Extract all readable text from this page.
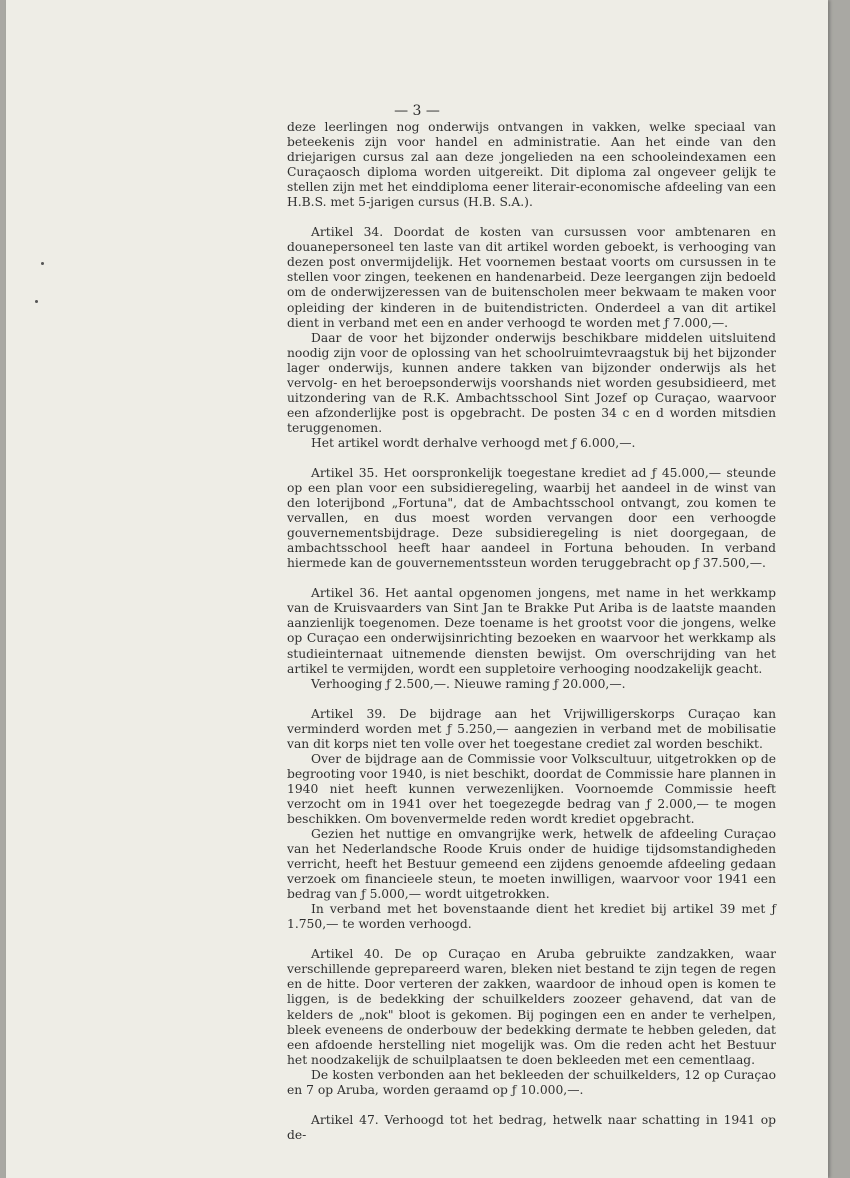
— 3 —

deze leerlingen nog onderwijs ontvangen in vakken, welke speciaal van beteekenis zijn voor handel en administratie. Aan het einde van den driejarigen cursus zal aan deze jongelieden na een schooleindexamen een Curaçaosch diploma worden uitgereikt. Dit diploma zal ongeveer gelijk te stellen zijn met het einddiploma eener literair-economische afdeeling van een H.B.S. met 5-jarigen cursus (H.B. S.A.).

Artikel 34. Doordat de kosten van cursussen voor ambtenaren en douanepersoneel ten laste van dit artikel worden geboekt, is verhooging van dezen post onvermijdelijk. Het voornemen bestaat voorts om cursussen in te stellen voor zingen, teekenen en handenarbeid. Deze leergangen zijn bedoeld om de onderwijzeressen van de buitenscholen meer bekwaam te maken voor opleiding der kinderen in de buitendistricten. Onderdeel a van dit artikel dient in verband met een en ander verhoogd te worden met ƒ 7.000,—.

Daar de voor het bijzonder onderwijs beschikbare middelen uitsluitend noodig zijn voor de oplossing van het schoolruimtevraagstuk bij het bijzonder lager onderwijs, kunnen andere takken van bijzonder onderwijs als het vervolg- en het beroepsonderwijs voorshands niet worden gesubsidieerd, met uitzondering van de R.K. Ambachtsschool Sint Jozef op Curaçao, waarvoor een afzonderlijke post is opgebracht. De posten 34 c en d worden mitsdien teruggenomen.

Het artikel wordt derhalve verhoogd met ƒ 6.000,—.

Artikel 35. Het oorspronkelijk toegestane krediet ad ƒ 45.000,— steunde op een plan voor een subsidieregeling, waarbij het aandeel in de winst van den loterijbond „Fortuna", dat de Ambachtsschool ontvangt, zou komen te vervallen, en dus moest worden vervangen door een verhoogde gouvernementsbijdrage. Deze subsidieregeling is niet doorgegaan, de ambachtsschool heeft haar aandeel in Fortuna behouden. In verband hiermede kan de gouvernementssteun worden teruggebracht op ƒ 37.500,—.

Artikel 36. Het aantal opgenomen jongens, met name in het werkkamp van de Kruisvaarders van Sint Jan te Brakke Put Ariba is de laatste maanden aanzienlijk toegenomen. Deze toename is het grootst voor die jongens, welke op Curaçao een onderwijsinrichting bezoeken en waarvoor het werkkamp als studieinternaat uitnemende diensten bewijst. Om overschrijding van het artikel te vermijden, wordt een suppletoire verhooging noodzakelijk geacht.

Verhooging ƒ 2.500,—. Nieuwe raming ƒ 20.000,—.

Artikel 39. De bijdrage aan het Vrijwilligerskorps Curaçao kan verminderd worden met ƒ 5.250,— aangezien in verband met de mobilisatie van dit korps niet ten volle over het toegestane crediet zal worden beschikt.

Over de bijdrage aan de Commissie voor Volkscultuur, uitgetrokken op de begrooting voor 1940, is niet beschikt, doordat de Commissie hare plannen in 1940 niet heeft kunnen verwezenlijken. Voornoemde Commissie heeft verzocht om in 1941 over het toegezegde bedrag van ƒ 2.000,— te mogen beschikken. Om bovenvermelde reden wordt krediet opgebracht.

Gezien het nuttige en omvangrijke werk, hetwelk de afdeeling Curaçao van het Nederlandsche Roode Kruis onder de huidige tijdsomstandigheden verricht, heeft het Bestuur gemeend een zijdens genoemde afdeeling gedaan verzoek om financieele steun, te moeten inwilligen, waarvoor voor 1941 een bedrag van ƒ 5.000,— wordt uitgetrokken.

In verband met het bovenstaande dient het krediet bij artikel 39 met ƒ 1.750,— te worden verhoogd.

Artikel 40. De op Curaçao en Aruba gebruikte zandzakken, waar verschillende geprepareerd waren, bleken niet bestand te zijn tegen de regen en de hitte. Door verteren der zakken, waardoor de inhoud open is komen te liggen, is de bedekking der schuilkelders zoozeer gehavend, dat van de kelders de „nok" bloot is gekomen. Bij pogingen een en ander te verhelpen, bleek eveneens de onderbouw der bedekking dermate te hebben geleden, dat een afdoende herstelling niet mogelijk was. Om die reden acht het Bestuur het noodzakelijk de schuilplaatsen te doen bekleeden met een cementlaag.

De kosten verbonden aan het bekleeden der schuilkelders, 12 op Curaçao en 7 op Aruba, worden geraamd op ƒ 10.000,—.

Artikel 47. Verhoogd tot het bedrag, hetwelk naar schatting in 1941 op de-
